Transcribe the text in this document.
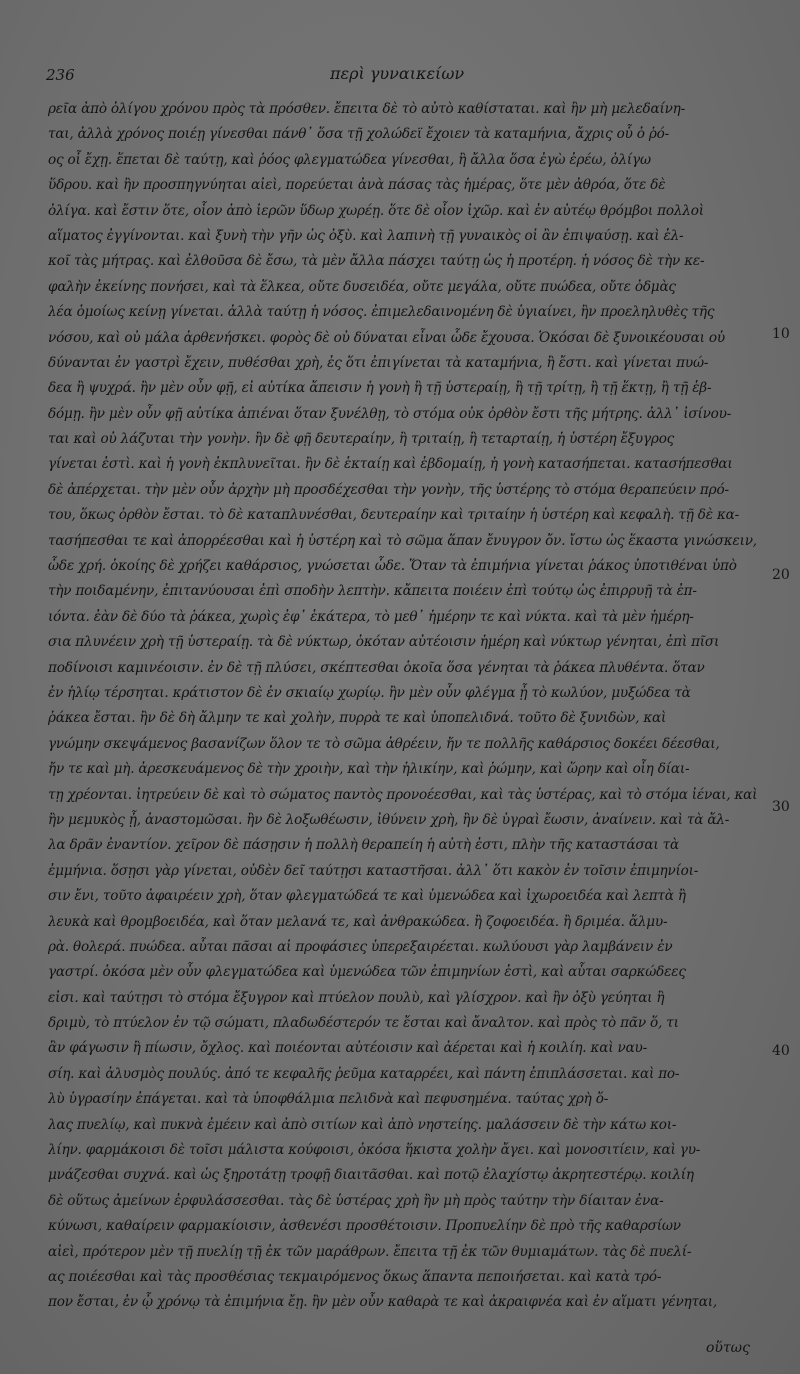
236	περὶ γυναικείων
ρεῖα ἀπὸ ὀλίγου χρόνου πρὸς τὰ πρόσθεν. ἔπειτα δὲ τὸ αὐτὸ καθίσταται. καὶ ἢν μὴ μελεδαίνη-
ται, ἀλλὰ χρόνος ποιέῃ γίνεσθαι πάνθ᾽ ὅσα τῇ χολώδεϊ ἔχοιεν τὰ καταμήνια, ἄχρις οὗ ὁ ῥό-
ος οἷ ἔχῃ. ἕπεται δὲ ταύτῃ, καὶ ῥόος φλεγματώδεα γίνεσθαι, ἢ ἄλλα ὅσα ἐγὼ ἐρέω, ὀλίγω
ὕδρου. καὶ ἢν προσπηγνύηται αἰεὶ, πορεύεται ἀνὰ πάσας τὰς ἡμέρας, ὅτε μὲν ἀθρόα, ὅτε δὲ
ὀλίγα. καὶ ἔστιν ὅτε, οἷον ἀπὸ ἱερῶν ὕδωρ χωρέῃ. ὅτε δὲ οἷον ἰχῶρ. καὶ ἐν αὐτέῳ θρόμβοι πολλοὶ
αἵματος ἐγγίνονται. καὶ ξυνὴ τὴν γῆν ὡς ὀξὺ. καὶ λαπινὴ τῇ γυναικὸς οἱ ἂν ἐπιψαύσῃ. καὶ ἑλ-
κοῖ τὰς μήτρας. καὶ ἐλθοῦσα δὲ ἔσω, τὰ μὲν ἄλλα πάσχει ταύτῃ ὡς ἡ προτέρη. ἡ νόσος δὲ τὴν κε-
φαλὴν ἐκείνης πονήσει, καὶ τὰ ἕλκεα, οὔτε δυσειδέα, οὔτε μεγάλα, οὔτε πυώδεα, οὔτε ὀδμὰς
λέα ὁμοίως κείνῃ γίνεται. ἀλλὰ ταύτῃ ἡ νόσος. ἐπιμελεδαινομένη δὲ ὑγιαίνει, ἢν προεληλυθὲς τῆς
νόσου, καὶ οὐ μάλα ἀρθενήσκει. φορὸς δὲ οὐ δύναται εἶναι ὧδε ἔχουσα. Ὁκόσαι δὲ ξυνοικέουσαι οὐ
δύνανται ἐν γαστρὶ ἔχειν, πυθέσθαι χρὴ, ἐς ὅτι ἐπιγίνεται τὰ καταμήνια, ἢ ἔστι. καὶ γίνεται πυώ-
δεα ἢ ψυχρά. ἢν μὲν οὖν φῇ, εἰ αὐτίκα ἄπεισιν ἡ γονὴ ἢ τῇ ὑστεραίῃ, ἢ τῇ τρίτῃ, ἢ τῇ ἕκτῃ, ἢ τῇ ἑβ-
δόμῃ. ἢν μὲν οὖν φῇ αὐτίκα ἀπιέναι ὅταν ξυνέλθῃ, τὸ στόμα οὐκ ὀρθὸν ἔστι τῆς μήτρης. ἀλλ᾽ ἰσίνου-
ται καὶ οὐ λάζυται τὴν γονὴν. ἢν δὲ φῇ δευτεραίην, ἢ τριταίῃ, ἢ τεταρταίῃ, ἡ ὑστέρη ἔξυγρος
γίνεται ἐστὶ. καὶ ἡ γονὴ ἐκπλυνεῖται. ἢν δὲ ἑκταίῃ καὶ ἑβδομαίῃ, ἡ γονὴ κατασήπεται. κατασήπεσθαι
δὲ ἀπέρχεται. τὴν μὲν οὖν ἀρχὴν μὴ προσδέχεσθαι τὴν γονὴν, τῆς ὑστέρης τὸ στόμα θεραπεύειν πρό-
του, ὅκως ὀρθὸν ἔσται. τὸ δὲ καταπλυνέσθαι, δευτεραίην καὶ τριταίην ἡ ὑστέρη καὶ κεφαλὴ. τῇ δὲ κα-
τασήπεσθαι τε καὶ ἀπορρέεσθαι καὶ ἡ ὑστέρη καὶ τὸ σῶμα ἅπαν ἔνυγρον ὄν. ἴστω ὡς ἕκαστα γινώσκειν,
ὧδε χρή. ὁκοίης δὲ χρήζει καθάρσιος, γνώσεται ὧδε. Ὅταν τὰ ἐπιμήνια γίνεται ῥάκος ὑποτιθέναι ὑπὸ
τὴν ποιδαμένην, ἐπιτανύουσαι ἐπὶ σποδὴν λεπτὴν. κἄπειτα ποιέειν ἐπὶ τούτῳ ὡς ἐπιρρυῇ τὰ ἐπ-
ιόντα. ἐὰν δὲ δύο τὰ ῥάκεα, χωρὶς ἐφ᾽ ἑκάτερα, τὸ μεθ᾽ ἡμέρην τε καὶ νύκτα. καὶ τὰ μὲν ἡμέρη-
σια πλυνέειν χρὴ τῇ ὑστεραίῃ. τὰ δὲ νύκτωρ, ὁκόταν αὐτέοισιν ἡμέρη καὶ νύκτωρ γένηται, ἐπὶ πῖσι
ποδίνοισι καμινέοισιν. ἐν δὲ τῇ πλύσει, σκέπτεσθαι ὁκοῖα ὅσα γένηται τὰ ῥάκεα πλυθέντα. ὅταν
ἐν ἡλίῳ τέρσηται. κράτιστον δὲ ἐν σκιαίῳ χωρίῳ. ἢν μὲν οὖν φλέγμα ᾖ τὸ κωλύον, μυξώδεα τὰ
ῥάκεα ἔσται. ἢν δὲ δὴ ἄλμην τε καὶ χολὴν, πυρρὰ τε καὶ ὑποπελιδνά. τοῦτο δὲ ξυνιδὼν, καὶ
γνώμην σκεψάμενος βασανίζων ὅλον τε τὸ σῶμα ἀθρέειν, ἤν τε πολλῆς καθάρσιος δοκέει δέεσθαι,
ἤν τε καὶ μὴ. ἀρεσκευάμενος δὲ τὴν χροιὴν, καὶ τὴν ἡλικίην, καὶ ῥώμην, καὶ ὥρην καὶ οἷη δίαι-
τῃ χρέονται. ἰητρεύειν δὲ καὶ τὸ σώματος παντὸς προνοέεσθαι, καὶ τὰς ὑστέρας, καὶ τὸ στόμα ἰέναι, καὶ
ἢν μεμυκὸς ᾖ, ἀναστομῶσαι. ἢν δὲ λοξωθέωσιν, ἰθύνειν χρὴ, ἢν δὲ ὑγραὶ ἔωσιν, ἀναίνειν. καὶ τὰ ἄλ-
λα δρᾶν ἐναντίον. χεῖρον δὲ πάσῃσιν ἡ πολλὴ θεραπείη ἡ αὐτὴ ἐστι, πλὴν τῆς καταστάσαι τὰ
ἐμμήνια. ὅσῃσι γὰρ γίνεται, οὐδὲν δεῖ ταύτῃσι καταστῆσαι. ἀλλ᾽ ὅτι κακὸν ἐν τοῖσιν ἐπιμηνίοι-
σιν ἔνι, τοῦτο ἀφαιρέειν χρὴ, ὅταν φλεγματώδεά τε καὶ ὑμενώδεα καὶ ἰχωροειδέα καὶ λεπτὰ ἢ
λευκὰ καὶ θρομβοειδέα, καὶ ὅταν μελανά τε, καὶ ἀνθρακώδεα. ἢ ζοφοειδέα. ἢ δριμέα. ἄλμυ-
ρὰ. θολερά. πυώδεα. αὗται πᾶσαι αἱ προφάσιες ὑπερεξαιρέεται. κωλύουσι γὰρ λαμβάνειν ἐν
γαστρί. ὁκόσα μὲν οὖν φλεγματώδεα καὶ ὑμενώδεα τῶν ἐπιμηνίων ἐστὶ, καὶ αὗται σαρκώδεες
εἰσι. καὶ ταύτῃσι τὸ στόμα ἔξυγρον καὶ πτύελον πουλὺ, καὶ γλίσχρον. καὶ ἢν ὀξὺ γεύηται ἢ
δριμὺ, τὸ πτύελον ἐν τῷ σώματι, πλαδωδέστερόν τε ἔσται καὶ ἄναλτον. καὶ πρὸς τὸ πᾶν ὅ, τι
ἂν φάγωσιν ἢ πίωσιν, ὄχλος. καὶ ποιέονται αὐτέοισιν καὶ ἀέρεται καὶ ἡ κοιλίη. καὶ ναυ-
σίη. καὶ ἀλυσμὸς πουλύς. ἀπό τε κεφαλῆς ῥεῦμα καταρρέει, καὶ πάντη ἐπιπλάσσεται. καὶ πο-
λὺ ὑγρασίην ἐπάγεται. καὶ τὰ ὑποφθάλμια πελιδνὰ καὶ πεφυσημένα. ταύτας χρὴ ὅ-
λας πυελίῳ, καὶ πυκνὰ ἐμέειν καὶ ἀπὸ σιτίων καὶ ἀπὸ νηστείης. μαλάσσειν δὲ τὴν κάτω κοι-
λίην. φαρμάκοισι δὲ τοῖσι μάλιστα κούφοισι, ὁκόσα ἥκιστα χολὴν ἄγει. καὶ μονοσιτίειν, καὶ γυ-
μνάζεσθαι συχνά. καὶ ὡς ξηροτάτῃ τροφῇ διαιτᾶσθαι. καὶ ποτῷ ἐλαχίστῳ ἀκρητεστέρῳ. κοιλίη
δὲ οὕτως ἀμείνων ἐρφυλάσσεσθαι. τὰς δὲ ὑστέρας χρὴ ἢν μὴ πρὸς ταύτην τὴν δίαιταν ἐνα-
κύνωσι, καθαίρειν φαρμακίοισιν, ἀσθενέσι προσθέτοισιν. Προπυελίην δὲ πρὸ τῆς καθαρσίων
αἰεὶ, πρότερον μὲν τῇ πυελίῃ τῇ ἐκ τῶν μαράθρων. ἔπειτα τῇ ἐκ τῶν θυμιαμάτων. τὰς δὲ πυελί-
ας ποιέεσθαι καὶ τὰς προσθέσιας τεκμαιρόμενος ὅκως ἅπαντα πεποιήσεται. καὶ κατὰ τρό-
πον ἔσται, ἐν ᾧ χρόνῳ τὰ ἐπιμήνια ἔῃ. ἢν μὲν οὖν καθαρὰ τε καὶ ἀκραιφνέα καὶ ἐν αἵματι γένηται,
10
20
30
40
οὕτως
